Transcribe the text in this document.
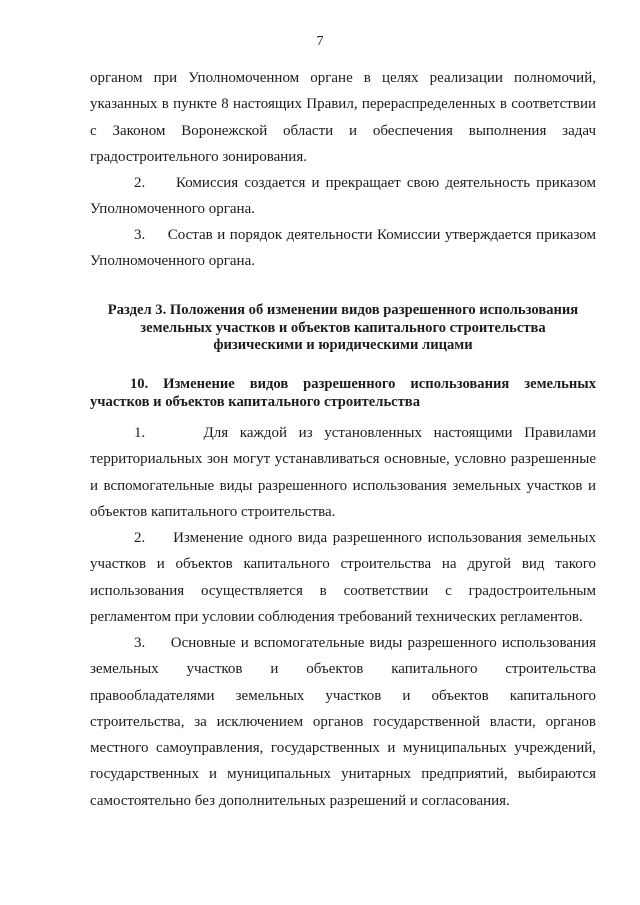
7

органом при Уполномоченном органе в целях реализации полномочий, указанных в пункте 8 настоящих Правил, перераспределенных в соответствии с Законом Воронежской области и обеспечения выполнения задач градостроительного зонирования.

2.     Комиссия создается и прекращает свою деятельность приказом Уполномоченного органа.

3.     Состав и порядок деятельности Комиссии утверждается приказом Уполномоченного органа.

Раздел 3. Положения об изменении видов разрешенного использования земельных участков и объектов капитального строительства физическими и юридическими лицами
10. Изменение видов разрешенного использования земельных участков и объектов капитального строительства

1.     Для каждой из установленных настоящими Правилами территориальных зон могут устанавливаться основные, условно разрешенные и вспомогательные виды разрешенного использования земельных участков и объектов капитального строительства.

2.     Изменение одного вида разрешенного использования земельных участков и объектов капитального строительства на другой вид такого использования осуществляется в соответствии с градостроительным регламентом при условии соблюдения требований технических регламентов.

3.     Основные и вспомогательные виды разрешенного использования земельных участков и объектов капитального строительства правообладателями земельных участков и объектов капитального строительства, за исключением органов государственной власти, органов местного самоуправления, государственных и муниципальных учреждений, государственных и муниципальных унитарных предприятий, выбираются самостоятельно без дополнительных разрешений и согласования.
